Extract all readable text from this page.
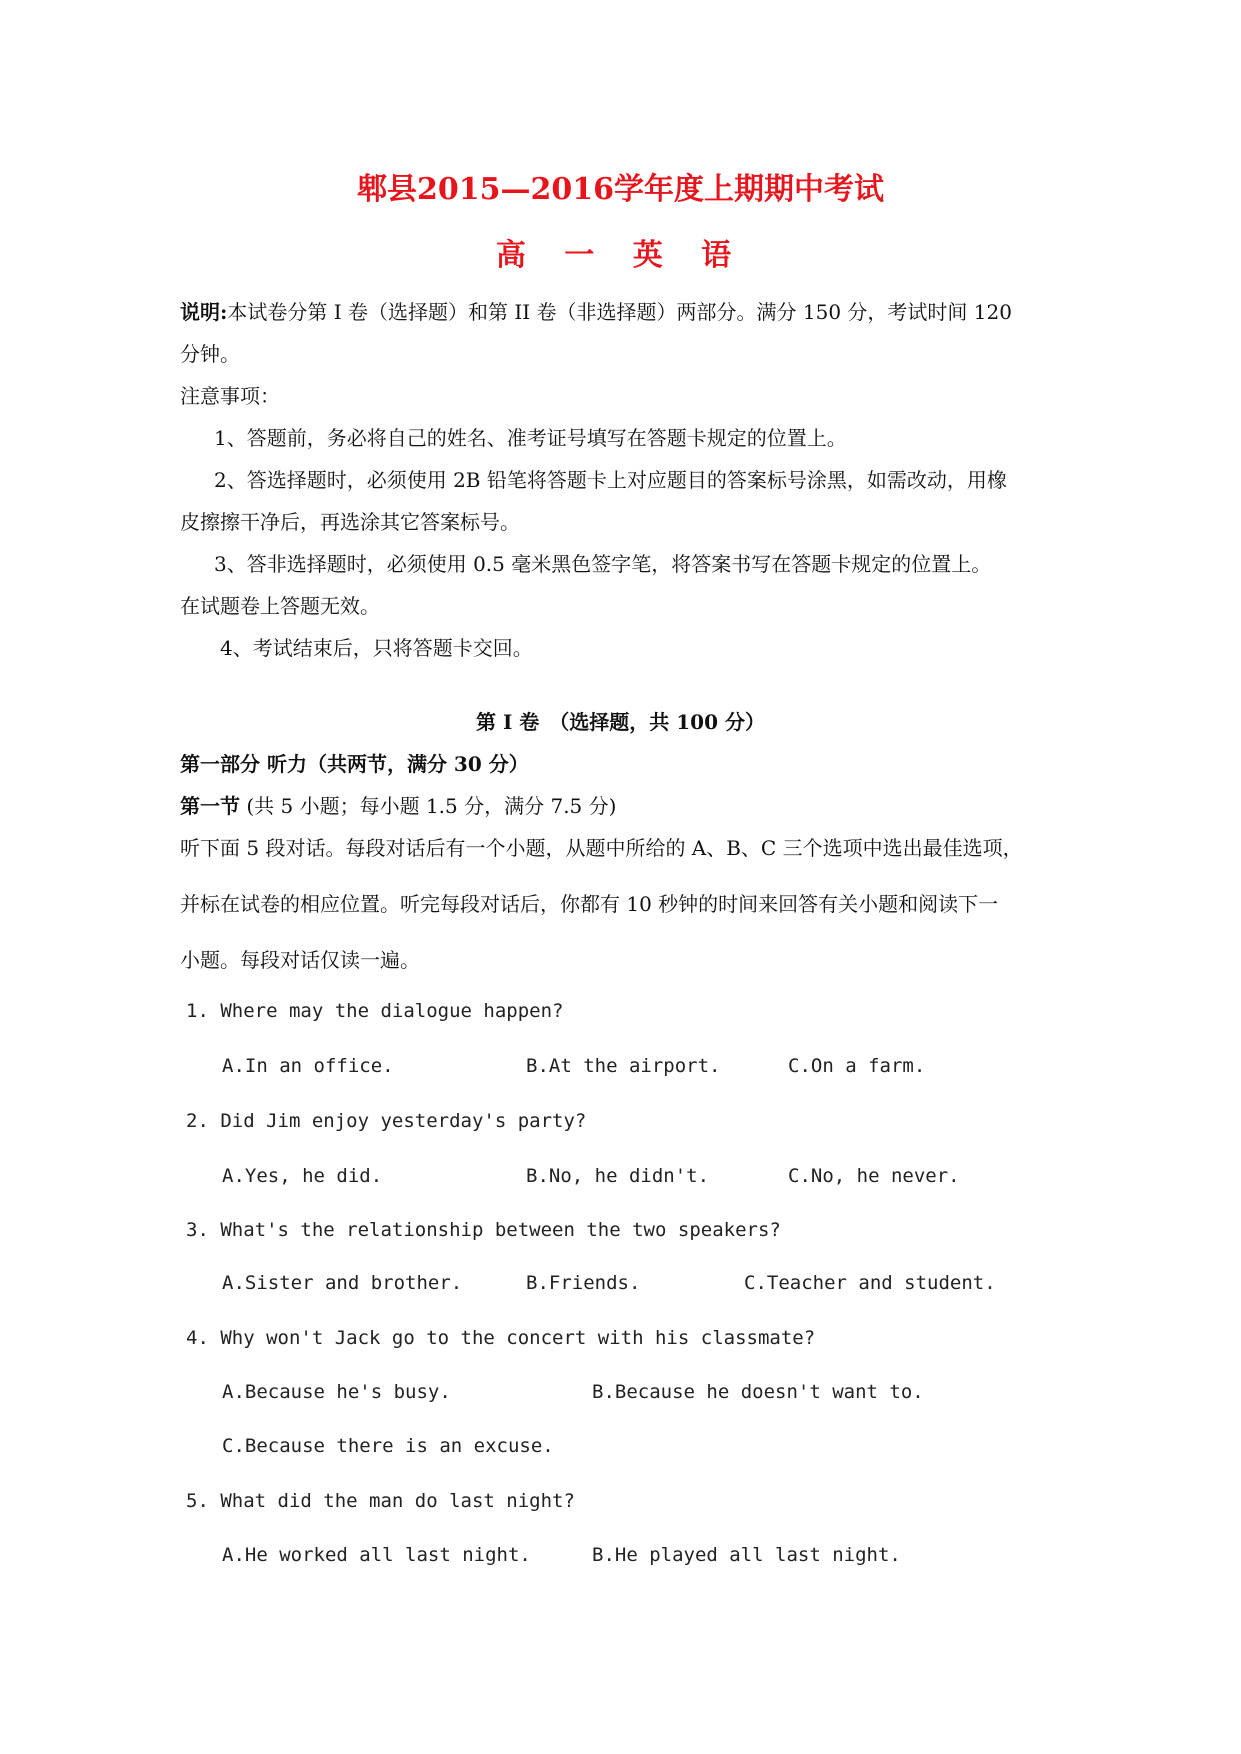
郫县2015—2016学年度上期期中考试
高 一 英 语
说明:本试卷分第 I 卷（选择题）和第 II 卷（非选择题）两部分。满分 150 分，考试时间 120
分钟。
注意事项：
1、答题前，务必将自己的姓名、准考证号填写在答题卡规定的位置上。
2、答选择题时，必须使用 2B 铅笔将答题卡上对应题目的答案标号涂黑，如需改动，用橡
皮擦擦干净后，再选涂其它答案标号。
3、答非选择题时，必须使用 0.5 毫米黑色签字笔，将答案书写在答题卡规定的位置上。
在试题卷上答题无效。
4、考试结束后，只将答题卡交回。
第 I 卷　（选择题，共 100 分）
第一部分 听力（共两节，满分 30 分）
第一节 (共 5 小题；每小题 1.5 分，满分 7.5 分)
听下面 5 段对话。每段对话后有一个小题，从题中所给的 A、B、C 三个选项中选出最佳选项，
并标在试卷的相应位置。听完每段对话后，你都有 10 秒钟的时间来回答有关小题和阅读下一
小题。每段对话仅读一遍。
1. Where may the dialogue happen?
A.In an office.	B.At the airport.	C.On a farm.
2. Did Jim enjoy yesterday's party?
A.Yes, he did.	B.No, he didn't.	C.No, he never.
3. What's the relationship between the two speakers?
A.Sister and brother.	B.Friends.	C.Teacher and student.
4. Why won't Jack go to the concert with his classmate?
A.Because he's busy.	B.Because he doesn't want to.
C.Because there is an excuse.
5. What did the man do last night?
A.He worked all last night.	B.He played all last night.
